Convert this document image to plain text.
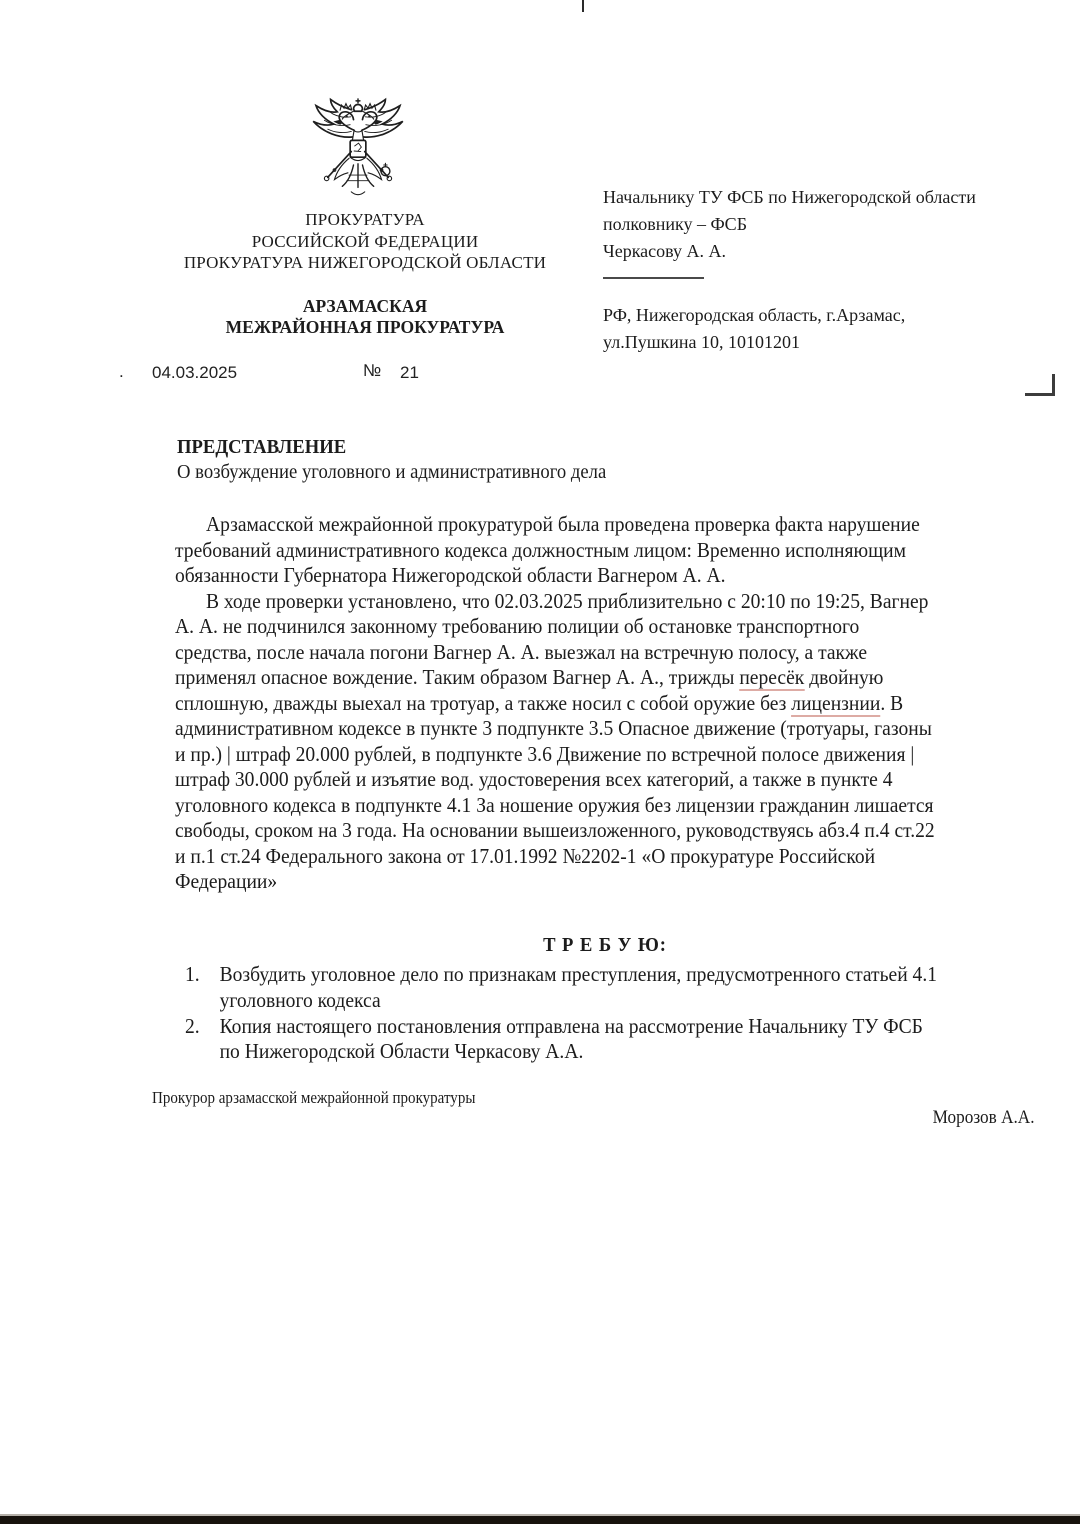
ПРОКУРАТУРА
РОССИЙСКОЙ ФЕДЕРАЦИИ
ПРОКУРАТУРА НИЖЕГОРОДСКОЙ ОБЛАСТИ
АРЗАМАСКАЯ
МЕЖРАЙОННАЯ ПРОКУРАТУРА
Начальнику ТУ ФСБ по Нижегородской области
полковнику – ФСБ
Черкасову А. А.
РФ, Нижегородская область, г.Арзамас,
ул.Пушкина 10, 10101201
. 04.03.2025	№ 21
ПРЕДСТАВЛЕНИЕ
О возбуждение уголовного и административного дела
Арзамасской межрайонной прокуратурой была проведена проверка факта нарушение
требований административного кодекса должностным лицом: Временно исполняющим
обязанности Губернатора Нижегородской области Вагнером А. А.
В ходе проверки установлено, что 02.03.2025 приблизительно с 20:10 по 19:25, Вагнер
А. А. не подчинился законному требованию полиции об остановке транспортного
средства, после начала погони Вагнер А. А. выезжал на встречную полосу, а также
применял опасное вождение. Таким образом Вагнер А. А., трижды пересёк двойную
сплошную, дважды выехал на тротуар, а также носил с собой оружие без лицензнии. В
административном кодексе в пункте 3 подпункте 3.5 Опасное движение (тротуары, газоны
и пр.) | штраф 20.000 рублей, в подпункте 3.6 Движение по встречной полосе движения |
штраф 30.000 рублей и изъятие вод. удостоверения всех категорий, а также в пункте 4
уголовного кодекса в подпункте 4.1 За ношение оружия без лицензии гражданин лишается
свободы, сроком на 3 года. На основании вышеизложенного, руководствуясь абз.4 п.4 ст.22
и п.1 ст.24 Федерального закона от 17.01.1992 №2202-1 «О прокуратуре Российской
Федерации»
Т Р Е Б У Ю:
1. Возбудить уголовное дело по признакам преступления, предусмотренного статьей 4.1
уголовного кодекса
2. Копия настоящего постановления отправлена на рассмотрение Начальнику ТУ ФСБ
по Нижегородской Области Черкасову А.А.
Прокурор арзамасской межрайонной прокуратуры
Морозов А.А.
